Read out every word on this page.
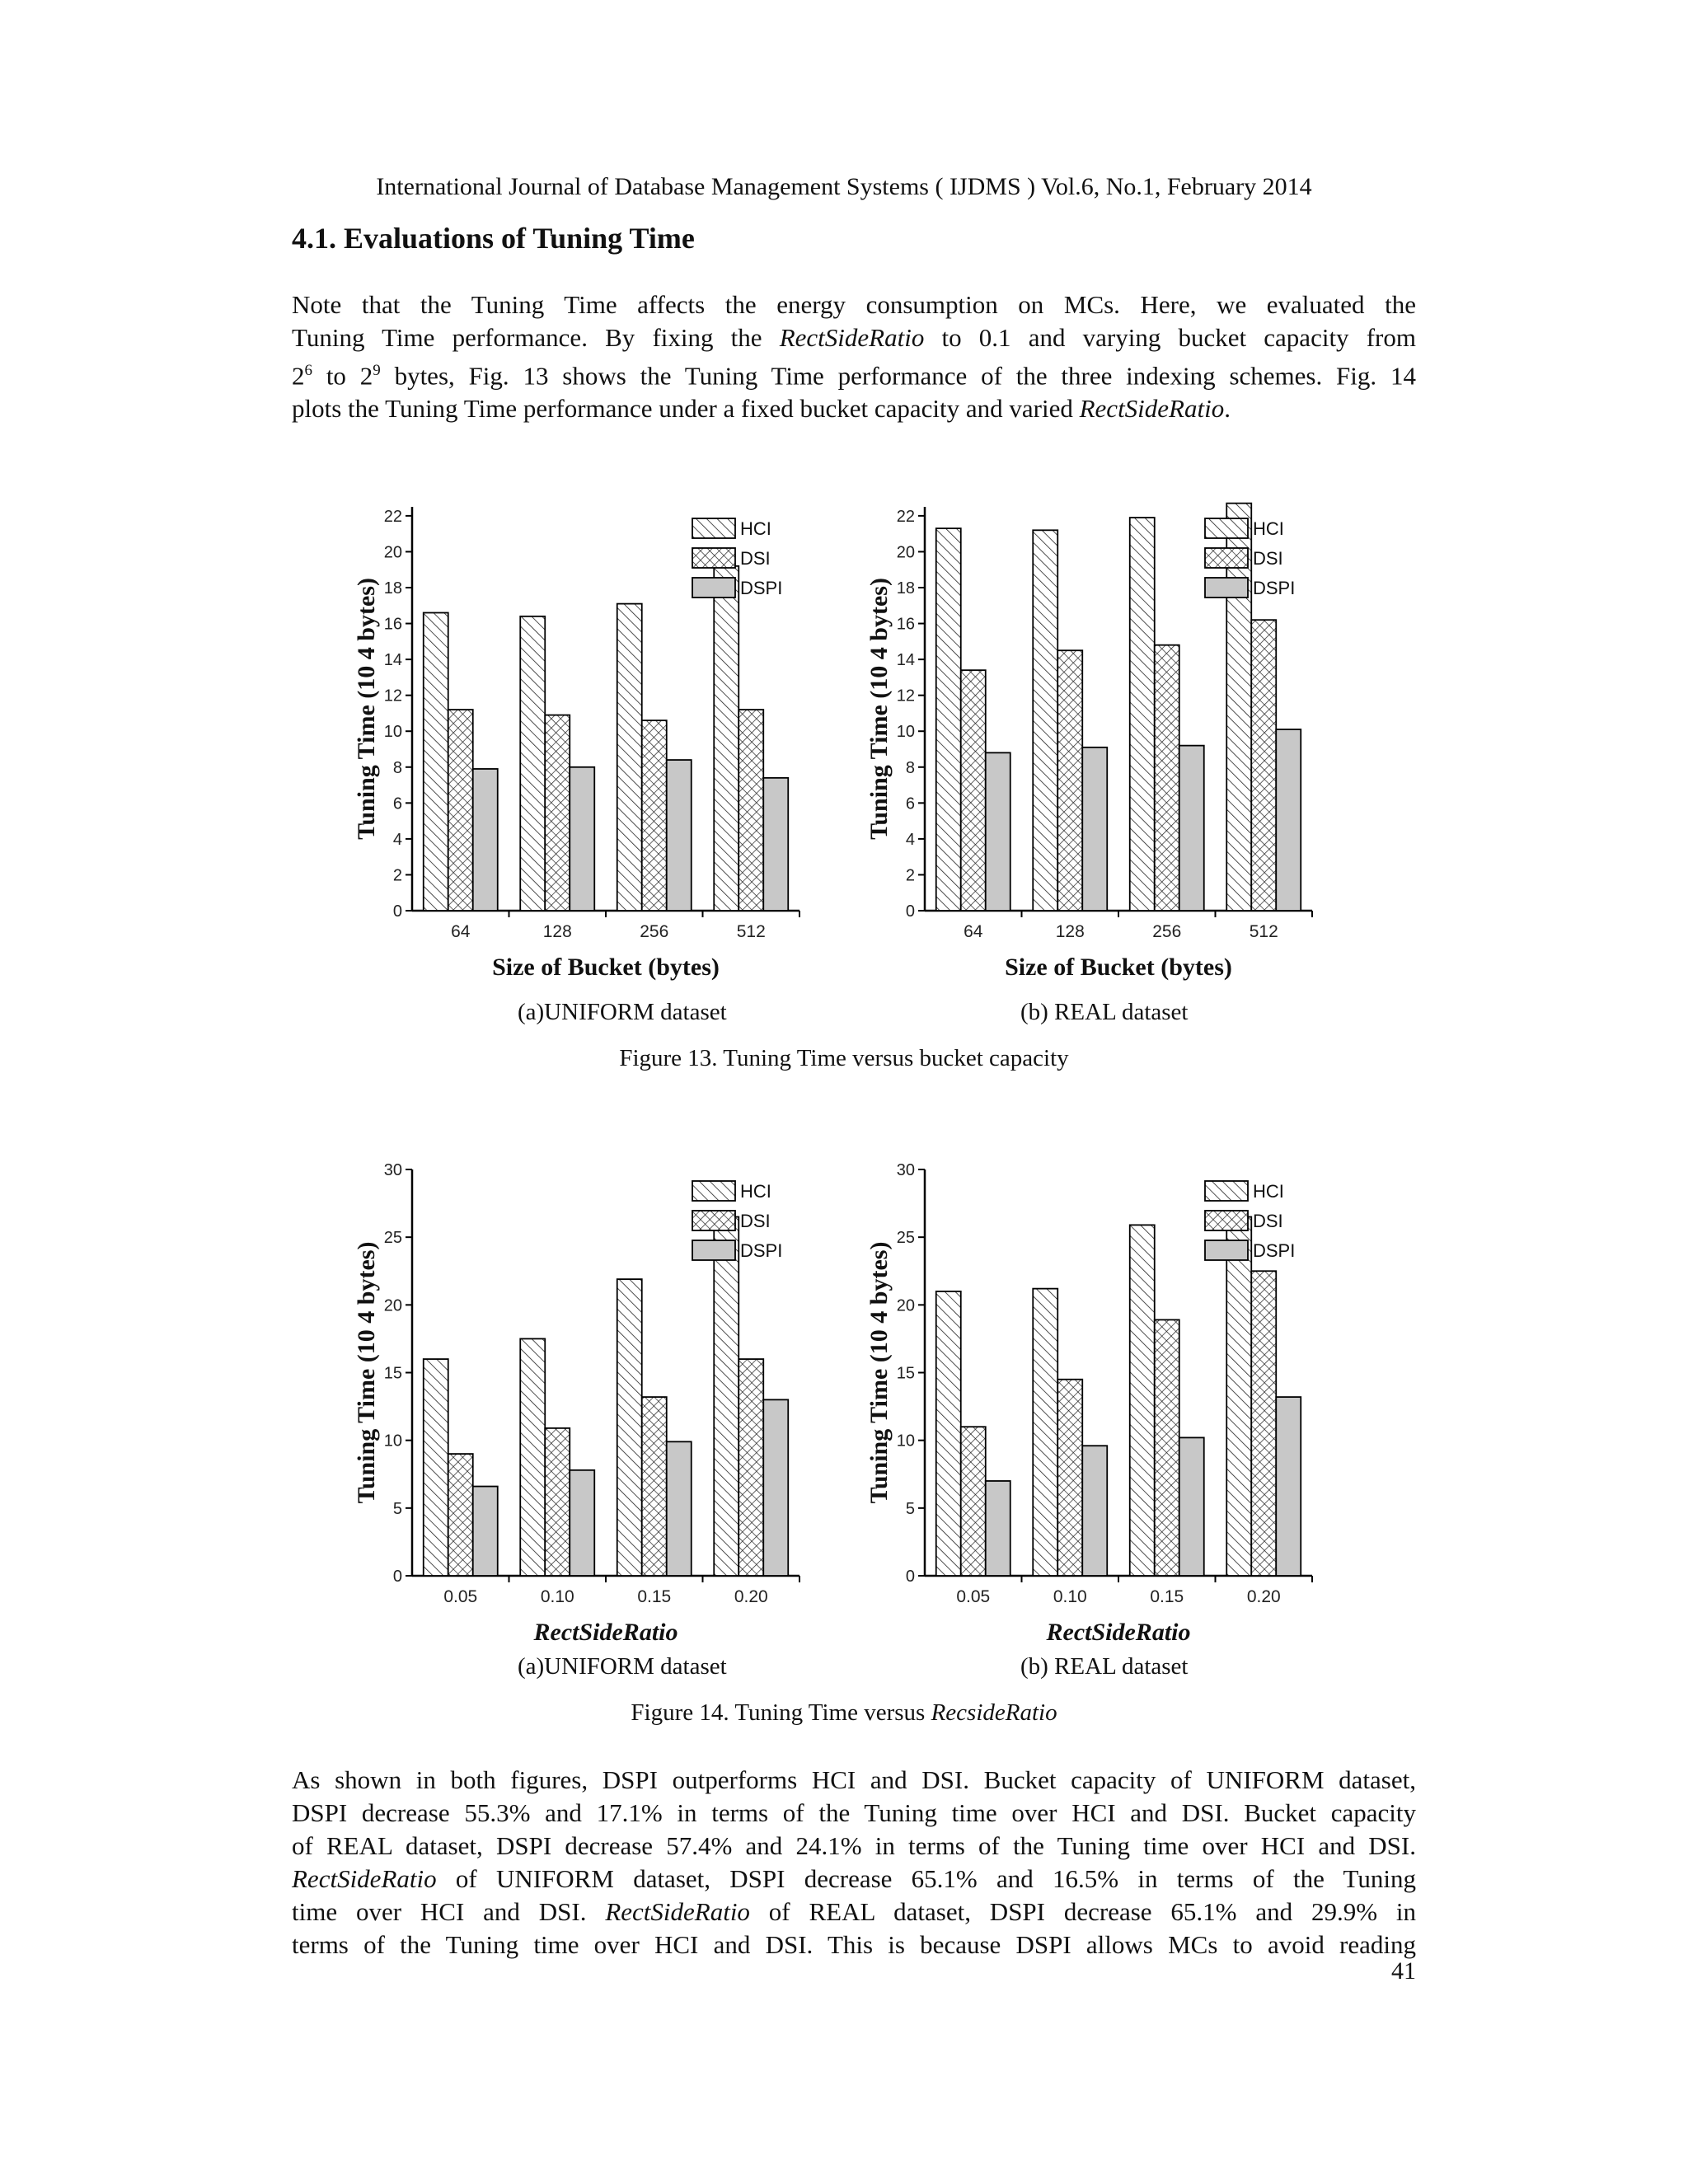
International Journal of Database Management Systems ( IJDMS ) Vol.6, No.1, February 2014
4.1. Evaluations of Tuning Time
Note that the Tuning Time affects the energy consumption on MCs. Here, we evaluated the
Tuning Time performance. By fixing the RectSideRatio to 0.1 and varying bucket capacity from
$2^6$ to $2^9$ bytes, Fig. 13 shows the Tuning Time performance of the three indexing schemes. Fig. 14
plots the Tuning Time performance under a fixed bucket capacity and varied RectSideRatio.
0
2
4
6
8
10
12
14
16
18
20
22
64	128	256	512
HCI
DSI
DSPI
Tuning Time (10 4 bytes)
Size of Bucket (bytes)
0
2
4
6
8
10
12
14
16
18
20
22
64	128	256	512
HCI
DSI
DSPI
Tuning Time (10 4 bytes)
Size of Bucket (bytes)
(a)UNIFORM dataset	(b) REAL dataset
Figure 13. Tuning Time versus bucket capacity
0
5
10
15
20
25
30
0.05	0.10	0.15	0.20
HCI
DSI
DSPI
Tuning Time (10 4 bytes)
RectSideRatio
0
5
10
15
20
25
30
0.05	0.10	0.15	0.20
HCI
DSI
DSPI
Tuning Time (10 4 bytes)
RectSideRatio
(a)UNIFORM dataset	(b) REAL dataset
Figure 14. Tuning Time versus RecsideRatio
As shown in both figures, DSPI outperforms HCI and DSI. Bucket capacity of UNIFORM dataset,
DSPI decrease 55.3% and 17.1% in terms of the Tuning time over HCI and DSI. Bucket capacity
of REAL dataset, DSPI decrease 57.4% and 24.1% in terms of the Tuning time over HCI and DSI.
RectSideRatio of UNIFORM dataset, DSPI decrease 65.1% and 16.5% in terms of the Tuning
time over HCI and DSI. RectSideRatio of REAL dataset, DSPI decrease 65.1% and 29.9% in
terms of the Tuning time over HCI and DSI. This is because DSPI allows MCs to avoid reading
41
